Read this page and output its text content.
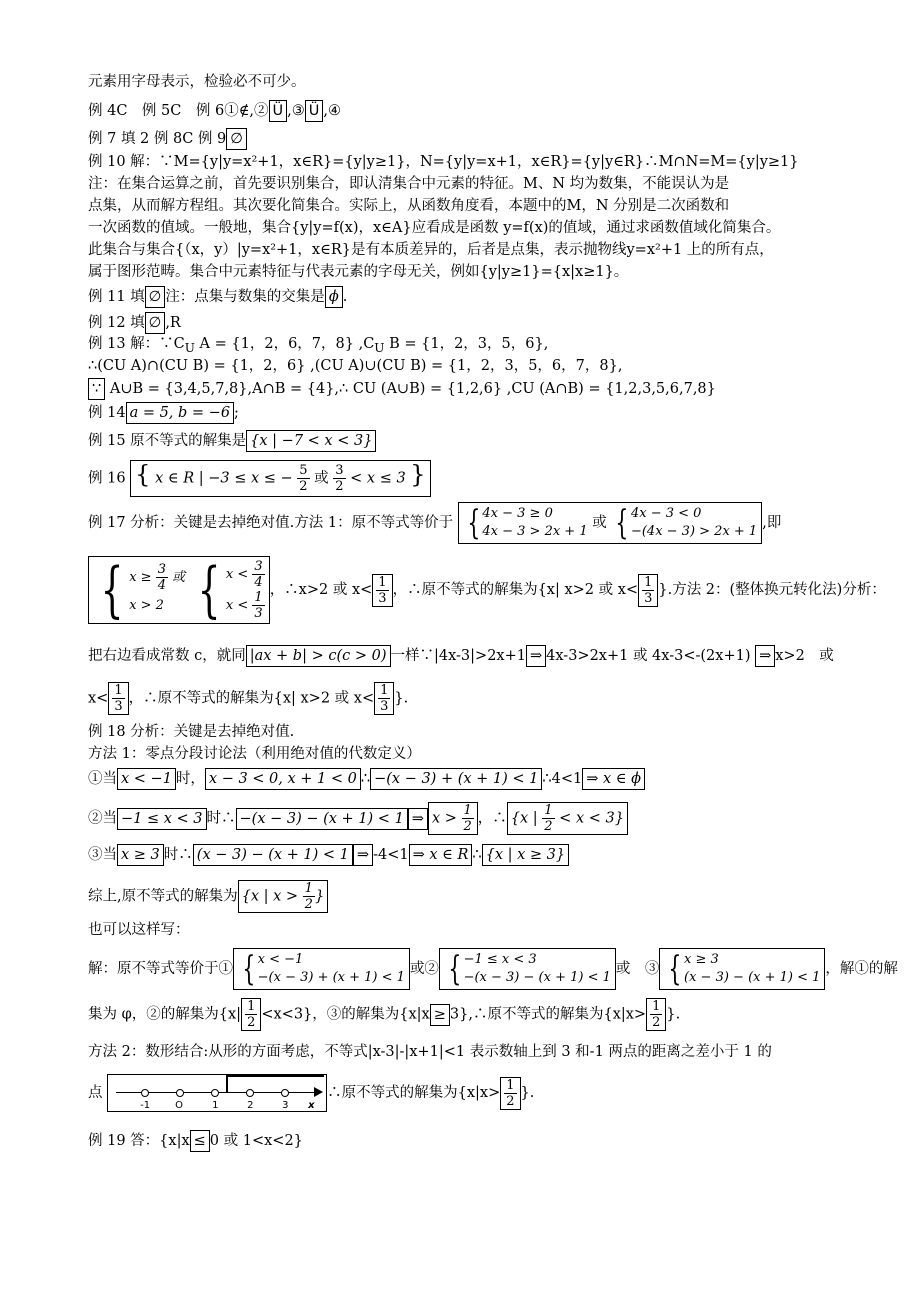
元素用字母表示，检验必不可少。
例 4C　例 5C　例 6①∉,② Ü ,③ Ü ,④
例 7 填 2 例 8C 例 9 ∅
例 10 解：∵M={y|y=x²+1，x∈R}={y|y≥1}，N={y|y=x+1，x∈R}={y|y∈R}∴M∩N=M={y|y≥1}
注：在集合运算之前，首先要识别集合，即认清集合中元素的特征。M、N 均为数集，不能误认为是
点集，从而解方程组。其次要化简集合。实际上，从函数角度看，本题中的M，N 分别是二次函数和
一次函数的值域。一般地，集合{y|y=f(x)，x∈A}应看成是函数 y=f(x)的值域，通过求函数值域化简集合。
此集合与集合{（x，y）|y=x²+1，x∈R}是有本质差异的，后者是点集，表示抛物线y=x²+1 上的所有点，
属于图形范畴。集合中元素特征与代表元素的字母无关，例如{y|y≥1}={x|x≥1}。
例 11 填 ∅ 注：点集与数集的交集是 ϕ .
例 12 填 ∅ ,R
例 13 解：$\because C_U$ A = {1，2，6，7，8} $,C_U$ B = {1，2，3，5，6},
∴(CU A)∩(CU B) = {1，2，6} ,(CU A)∪(CU B) = {1，2，3，5，6，7，8},
∵ A∪B = {3,4,5,7,8},A∩B = {4},∴ CU (A∪B) = {1,2,6} ,CU (A∩B) = {1,2,3,5,6,7,8}
例 14 a = 5, b = −6 ;
例 15 原不等式的解集是 {x | −7 < x < 3}
例 16 { x ∈ R | −3 ≤ x ≤ − $\frac{5}{2}$ 或 $\frac{3}{2} < x \le 3$ }
例 17 分析：关键是去掉绝对值.方法 1：原不等式等价于 { 4x − 3 ≥ 0
4x − 3 > 2x + 1
或 { 4x − 3 < 0
−(4x − 3) > 2x + 1
,即
{ $x \ge \frac{3}{4}$ 或
x > 2
{ $x < \frac{3}{4}$
$x < \frac{1}{3}$ ，∴x>2 或 $x< \frac{1}{3}$ ，∴原不等式的解集为{x| x>2 或 $x< \frac{1}{3}$ }.方法 2：(整体换元转化法)分析：
把右边看成常数 c，就同 |ax + b| > c(c > 0) 一样∵|4x-3|>2x+1 ⇒ 4x-3>2x+1 或 4x-3<-(2x+1) ⇒ x>2　或
$x< \frac{1}{3}$ ，∴原不等式的解集为{x| x>2 或 $x< \frac{1}{3}$ }.
例 18 分析：关键是去掉绝对值.
方法 1：零点分段讨论法（利用绝对值的代数定义）
①当 x < −1 时， x − 3 < 0, x + 1 < 0 ∴ −(x − 3) + (x + 1) < 1 ∴4<1 ⇒ x ∈ ϕ
②当 −1 ≤ x < 3 时∴ −(x − 3) − (x + 1) < 1 ⇒ $x > \frac{1}{2}$ ，∴ {x | $\frac{1}{2} < x < 3$}
③当 x ≥ 3 时∴ (x − 3) − (x + 1) < 1 ⇒ -4<1 ⇒ x ∈ R ∴ {x | x ≥ 3}
综上,原不等式的解集为 {x | $x > \frac{1}{2}$ }
也可以这样写：
解：原不等式等价于① { x < −1
−(x − 3) + (x + 1) < 1
或② { −1 ≤ x < 3
−(x − 3) − (x + 1) < 1
或　③ { x ≥ 3
(x − 3) − (x + 1) < 1
，解①的解
集为 φ，②的解集为$\{x| \frac{1}{2} <x<3\}$，③的解集为{x|x ≥ 3},∴原不等式的解集为{$x|x> \frac{1}{2}$ }.
方法 2：数形结合:从形的方面考虑，不等式|x-3|-|x+1|<1 表示数轴上到 3 和-1 两点的距离之差小于 1 的
点
-1	O	1	2	3 x
∴原不等式的解集为{$x|x> \frac{1}{2}$ }.
例 19 答：{x|x ≤ 0 或 1<x<2}
